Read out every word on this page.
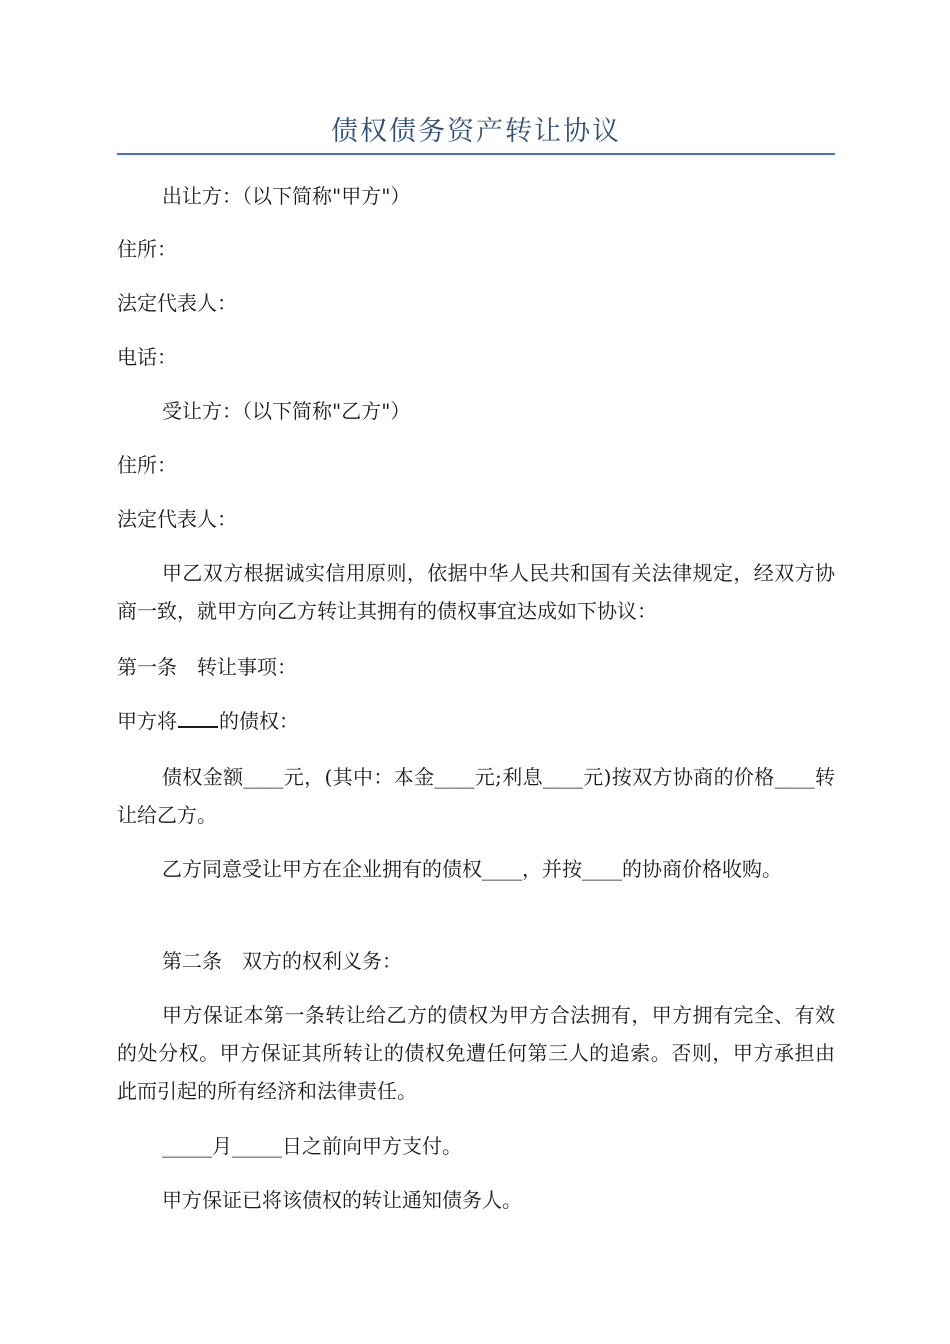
债权债务资产转让协议

出让方：（以下简称"甲方"）

住所：

法定代表人：

电话：

受让方：（以下简称"乙方"）

住所：

法定代表人：

甲乙双方根据诚实信用原则，依据中华人民共和国有关法律规定，经双方协商一致，就甲方向乙方转让其拥有的债权事宜达成如下协议：

第一条　转让事项：

甲方将 的债权：

债权金额____元，(其中：本金____元;利息____元)按双方协商的价格____转让给乙方。

乙方同意受让甲方在企业拥有的债权____，并按____的协商价格收购。

第二条　双方的权利义务：

甲方保证本第一条转让给乙方的债权为甲方合法拥有，甲方拥有完全、有效的处分权。甲方保证其所转让的债权免遭任何第三人的追索。否则，甲方承担由此而引起的所有经济和法律责任。

_____月_____日之前向甲方支付。

甲方保证已将该债权的转让通知债务人。
